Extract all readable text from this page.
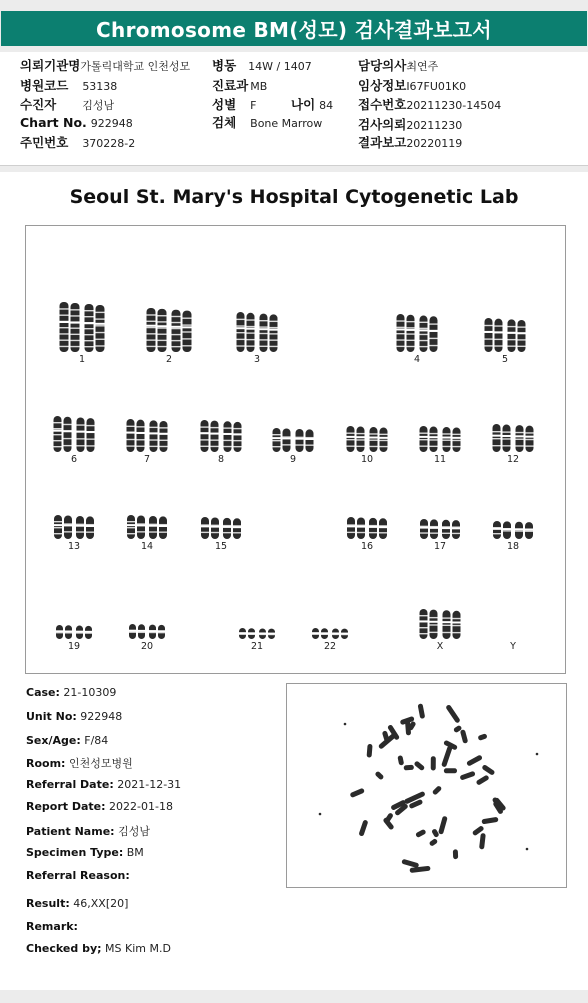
Chromosome BM(성모) 검사결과보고서
의뢰기관명가톨릭대학교 인천성모
병원코드 53138
수진자 김성남
Chart No. 922948
주민번호 370228-2
병동 14W / 1407
진료과 MB
성별 F	나이 84
검체 Bone Marrow
담당의사최연주
임상정보I67FU01K0
접수번호20211230-14504
검사의뢰20211230
결과보고20220119
Seoul St. Mary's Hospital Cytogenetic Lab
1	2	3	4	5
6	7	8	9	10	11	12
13	14	15	16	17	18
19	20	21	22	X	Y
Case: 21-10309
Unit No: 922948
Sex/Age: F/84
Room: 인천성모병원
Referral Date: 2021-12-31
Report Date: 2022-01-18
Patient Name: 김성남
Specimen Type: BM
Referral Reason:
Result: 46,XX[20]
Remark:
Checked by; MS Kim M.D
